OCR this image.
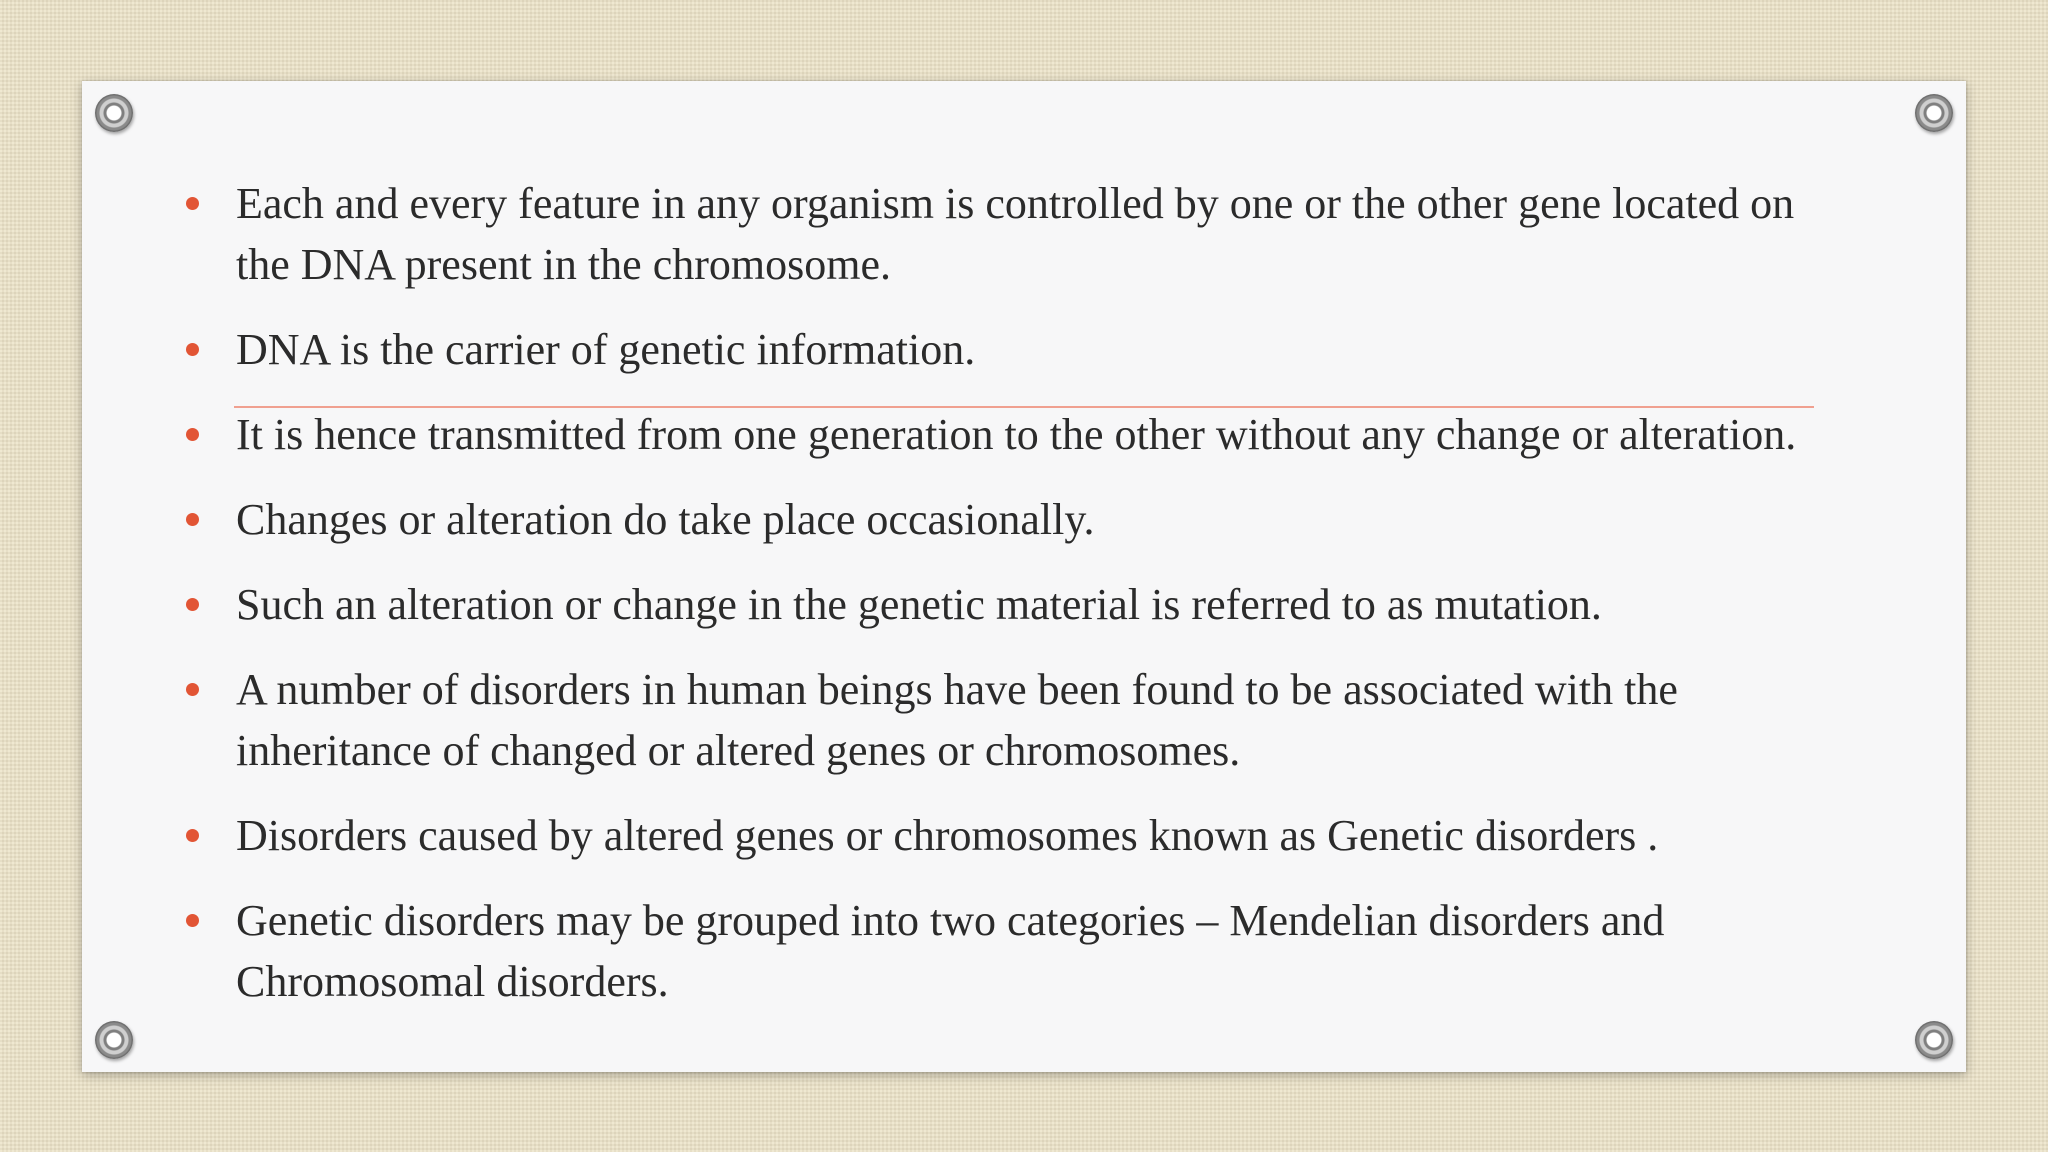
Each and every feature in any organism is controlled by one or the other gene located on
the DNA present in the chromosome.
DNA is the carrier of genetic information.
It is hence transmitted from one generation to the other without any change or alteration.
Changes or alteration do take place occasionally.
Such an alteration or change in the genetic material is referred to as mutation.
A number of disorders in human beings have been found to be associated with the
inheritance of changed or altered genes or chromosomes.
Disorders caused by altered genes or chromosomes known as Genetic disorders .
Genetic disorders may be grouped into two categories – Mendelian disorders and
Chromosomal disorders.
